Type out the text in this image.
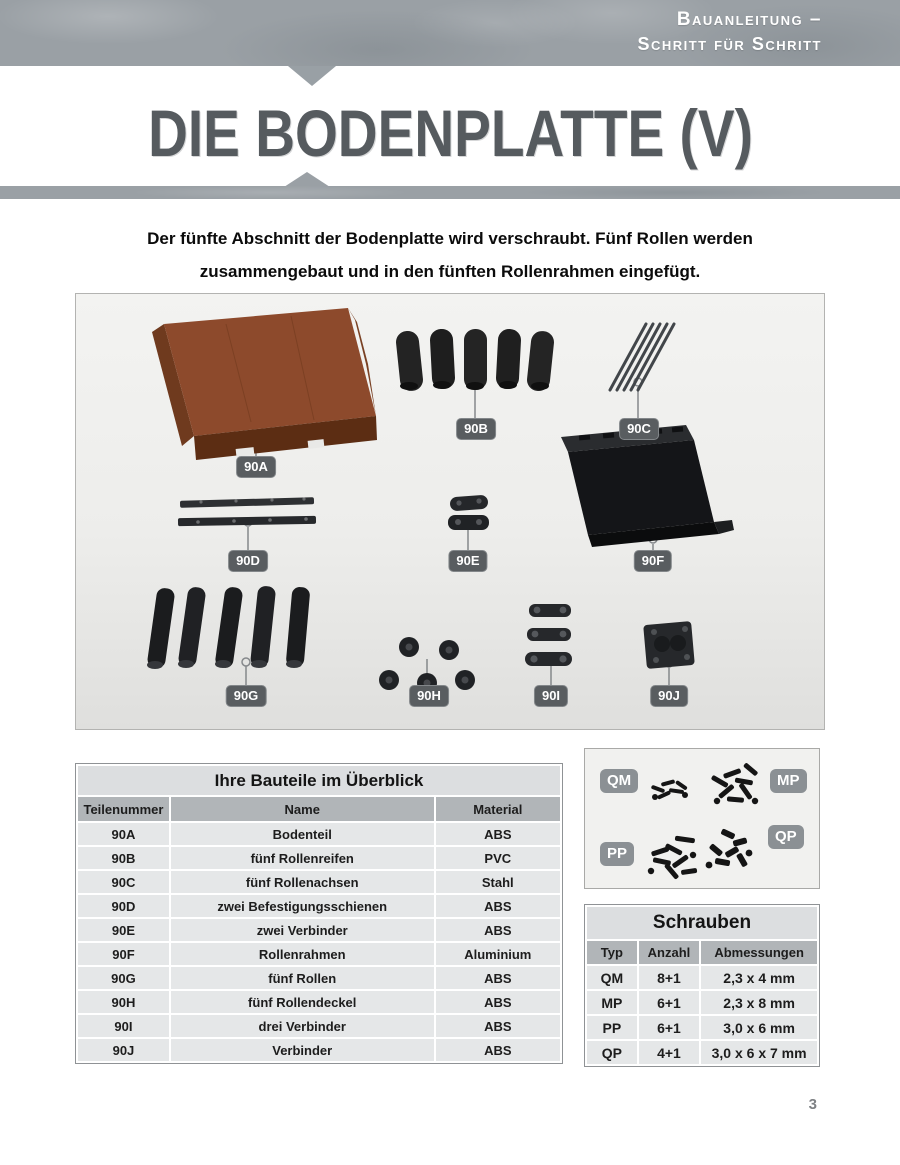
Bauanleitung –
Schritt für Schritt
DIE BODENPLATTE (V)
Der fünfte Abschnitt der Bodenplatte wird verschraubt. Fünf Rollen werden
zusammengebaut und in den fünften Rollenrahmen eingefügt.
90A
90B	90C
90D	90E	90F
90G	90H	90I	90J
Ihre Bauteile im Überblick		
Teilenummer	Name	Material
90A	Bodenteil	ABS
90B	fünf Rollenreifen	PVC
90C	fünf Rollenachsen	Stahl
90D	zwei Befestigungsschienen	ABS
90E	zwei Verbinder	ABS
90F	Rollenrahmen	Aluminium
90G	fünf Rollen	ABS
90H	fünf Rollendeckel	ABS
90I	drei Verbinder	ABS
90J	Verbinder	ABS
QM	MP
PP
QP
Schrauben		
Typ	Anzahl	Abmessungen
QM	8+1	2,3 x 4 mm
MP	6+1	2,3 x 8 mm
PP	6+1	3,0 x 6 mm
QP	4+1	3,0 x 6 x 7 mm
3
